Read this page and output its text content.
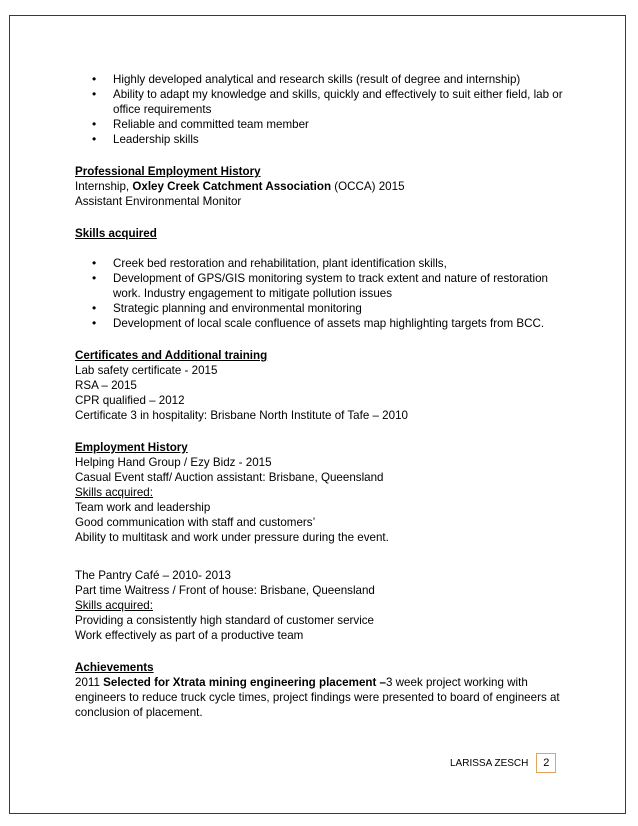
• Highly developed analytical and research skills (result of degree and internship)
• Ability to adapt my knowledge and skills, quickly and effectively to suit either field, lab or office requirements
• Reliable and committed team member
• Leadership skills
Professional Employment History
Internship, Oxley Creek Catchment Association (OCCA) 2015
Assistant Environmental Monitor
Skills acquired
• Creek bed restoration and rehabilitation, plant identification skills,
• Development of GPS/GIS monitoring system to track extent and nature of restoration work. Industry engagement to mitigate pollution issues
• Strategic planning and environmental monitoring
• Development of local scale confluence of assets map highlighting targets from BCC.
Certificates and Additional training
Lab safety certificate - 2015
RSA – 2015
CPR qualified – 2012
Certificate 3 in hospitality: Brisbane North Institute of Tafe – 2010
Employment History
Helping Hand Group / Ezy Bidz - 2015
Casual Event staff/ Auction assistant: Brisbane, Queensland
Skills acquired:
Team work and leadership
Good communication with staff and customers’
Ability to multitask and work under pressure during the event.
The Pantry Café – 2010- 2013
Part time Waitress / Front of house: Brisbane, Queensland
Skills acquired:
Providing a consistently high standard of customer service
Work effectively as part of a productive team
Achievements
2011 Selected for Xtrata mining engineering placement –3 week project working with engineers to reduce truck cycle times, project findings were presented to board of engineers at conclusion of placement.
LARISSA ZESCH	2
